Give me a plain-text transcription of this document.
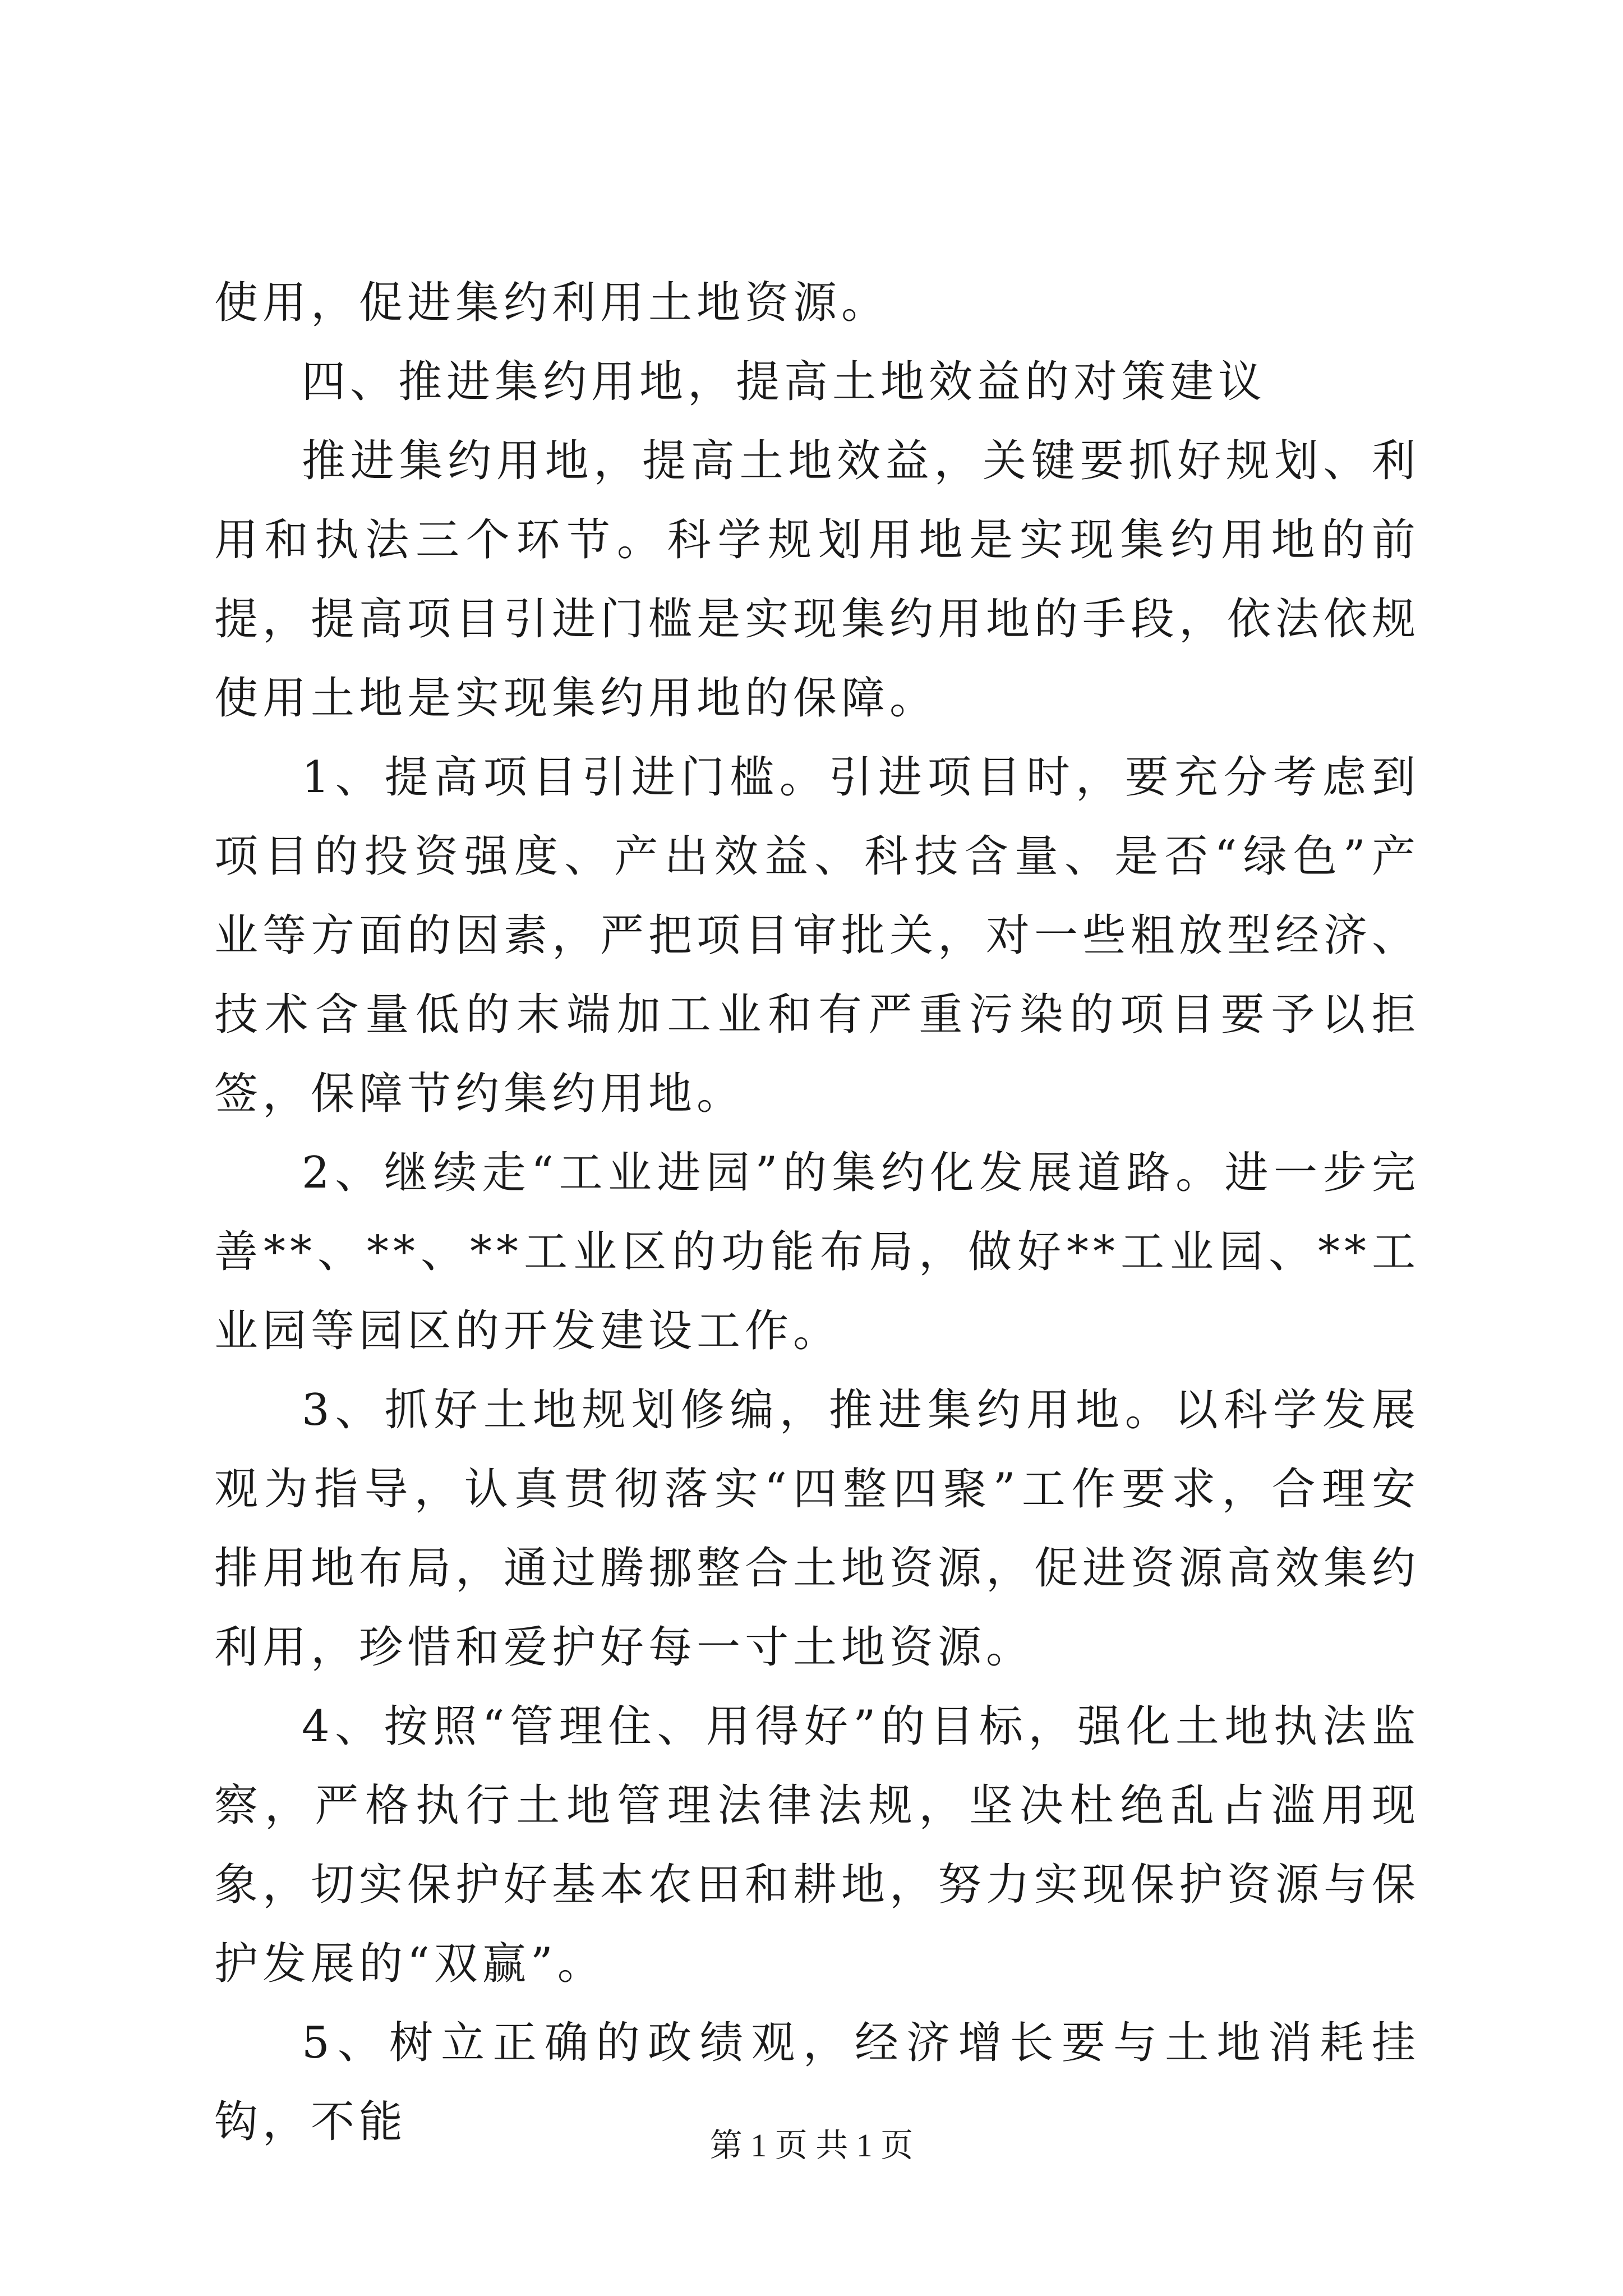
使用，促进集约利用土地资源。

四、推进集约用地，提高土地效益的对策建议

推进集约用地，提高土地效益，关键要抓好规划、利用和执法三个环节。科学规划用地是实现集约用地的前提，提高项目引进门槛是实现集约用地的手段，依法依规使用土地是实现集约用地的保障。

1、提高项目引进门槛。引进项目时，要充分考虑到项目的投资强度、产出效益、科技含量、是否“绿色”产业等方面的因素，严把项目审批关，对一些粗放型经济、技术含量低的末端加工业和有严重污染的项目要予以拒签，保障节约集约用地。

2、继续走“工业进园”的集约化发展道路。进一步完善**、**、**工业区的功能布局，做好**工业园、**工业园等园区的开发建设工作。

3、抓好土地规划修编，推进集约用地。以科学发展观为指导，认真贯彻落实“四整四聚”工作要求，合理安排用地布局，通过腾挪整合土地资源，促进资源高效集约利用，珍惜和爱护好每一寸土地资源。

4、按照“管理住、用得好”的目标，强化土地执法监察，严格执行土地管理法律法规，坚决杜绝乱占滥用现象，切实保护好基本农田和耕地，努力实现保护资源与保护发展的“双赢”。

5、树立正确的政绩观，经济增长要与土地消耗挂钩，不能	第 1 页 共 1 页
